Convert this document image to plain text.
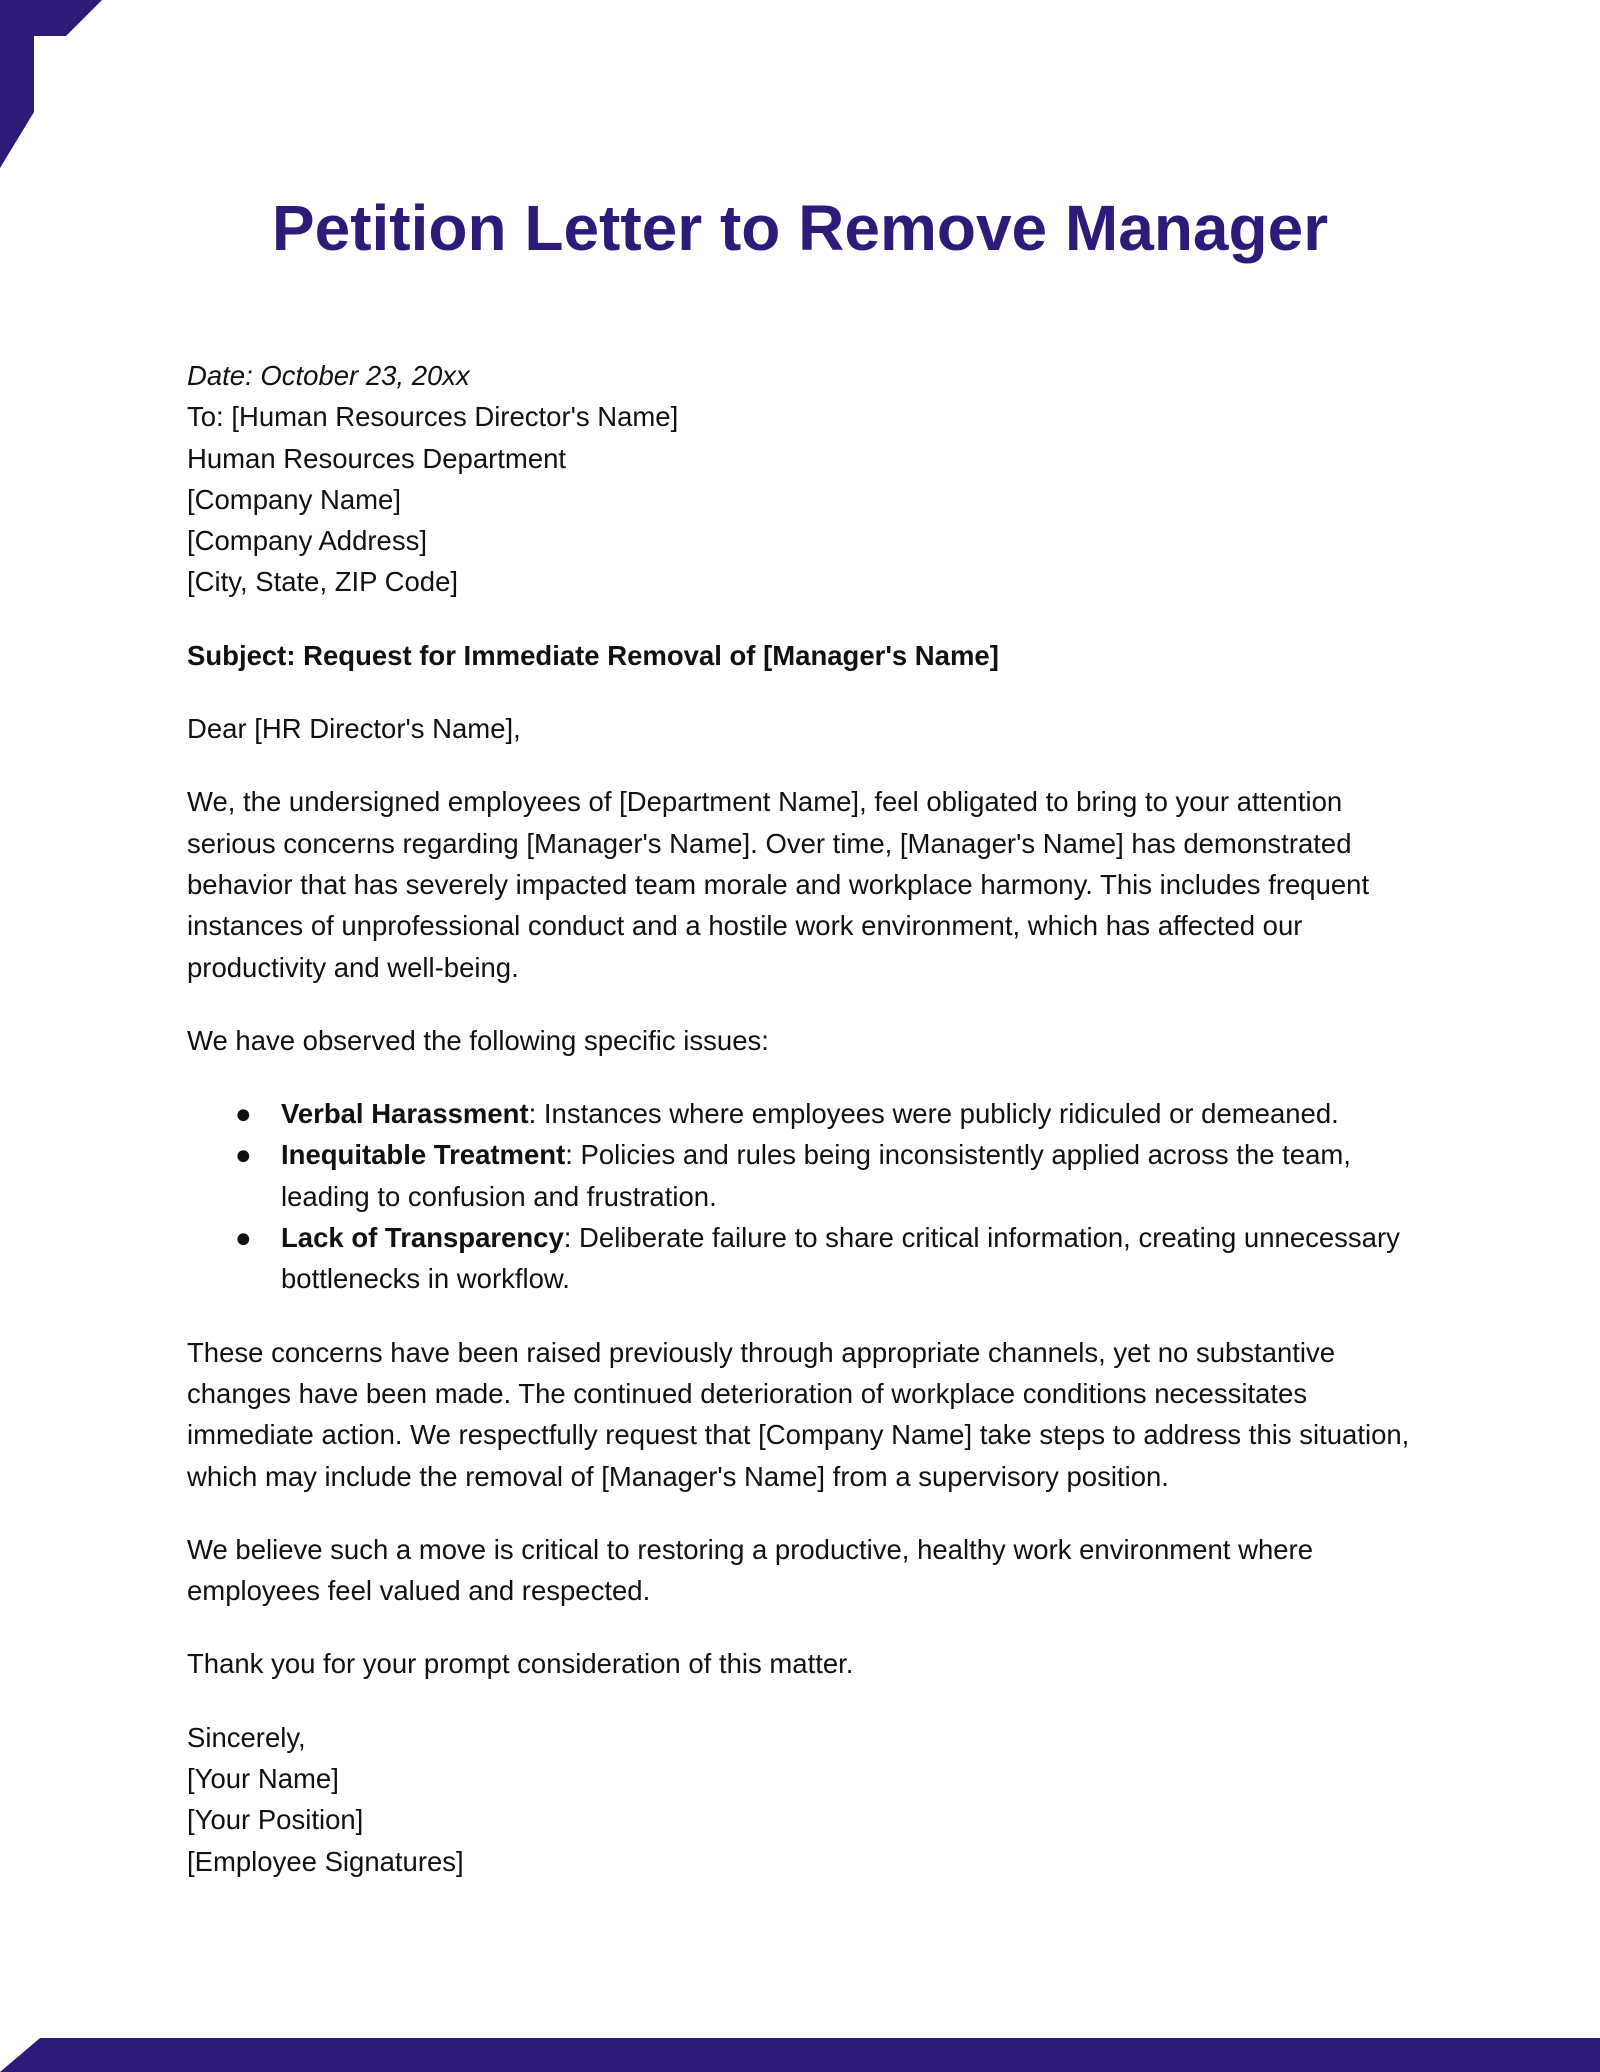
Petition Letter to Remove Manager

Date: October 23, 20xx

To: [Human Resources Director's Name]

Human Resources Department

[Company Name]

[Company Address]

[City, State, ZIP Code]

Subject: Request for Immediate Removal of [Manager's Name]

Dear [HR Director's Name],

We, the undersigned employees of [Department Name], feel obligated to bring to your attention serious concerns regarding [Manager's Name]. Over time, [Manager's Name] has demonstrated behavior that has severely impacted team morale and workplace harmony. This includes frequent instances of unprofessional conduct and a hostile work environment, which has affected our productivity and well-being.

We have observed the following specific issues:

● Verbal Harassment: Instances where employees were publicly ridiculed or demeaned.
● Inequitable Treatment: Policies and rules being inconsistently applied across the team, leading to confusion and frustration.
● Lack of Transparency: Deliberate failure to share critical information, creating unnecessary bottlenecks in workflow.

These concerns have been raised previously through appropriate channels, yet no substantive changes have been made. The continued deterioration of workplace conditions necessitates immediate action. We respectfully request that [Company Name] take steps to address this situation, which may include the removal of [Manager's Name] from a supervisory position.

We believe such a move is critical to restoring a productive, healthy work environment where employees feel valued and respected.

Thank you for your prompt consideration of this matter.

Sincerely,

[Your Name]

[Your Position]

[Employee Signatures]
